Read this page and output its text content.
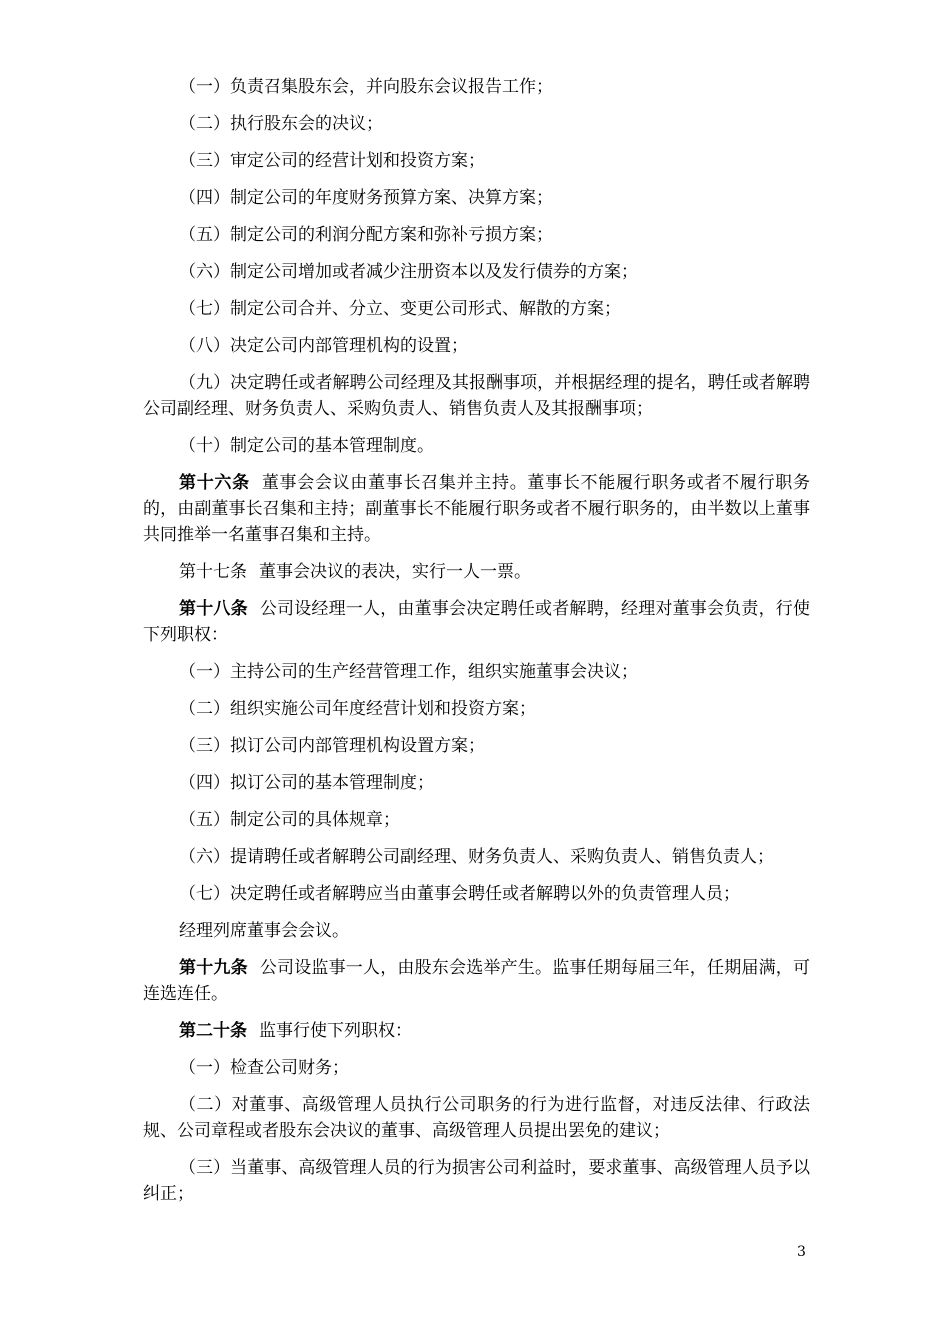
（一）负责召集股东会，并向股东会议报告工作；

（二）执行股东会的决议；

（三）审定公司的经营计划和投资方案；

（四）制定公司的年度财务预算方案、决算方案；

（五）制定公司的利润分配方案和弥补亏损方案；

（六）制定公司增加或者减少注册资本以及发行债券的方案；

（七）制定公司合并、分立、变更公司形式、解散的方案；

（八）决定公司内部管理机构的设置；

（九）决定聘任或者解聘公司经理及其报酬事项，并根据经理的提名，聘任或者解聘公司副经理、财务负责人、采购负责人、销售负责人及其报酬事项；

（十）制定公司的基本管理制度。

第十六条 董事会会议由董事长召集并主持。董事长不能履行职务或者不履行职务的，由副董事长召集和主持；副董事长不能履行职务或者不履行职务的，由半数以上董事共同推举一名董事召集和主持。

第十七条 董事会决议的表决，实行一人一票。

第十八条 公司设经理一人，由董事会决定聘任或者解聘，经理对董事会负责，行使下列职权：

（一）主持公司的生产经营管理工作，组织实施董事会决议；

（二）组织实施公司年度经营计划和投资方案；

（三）拟订公司内部管理机构设置方案；

（四）拟订公司的基本管理制度；

（五）制定公司的具体规章；

（六）提请聘任或者解聘公司副经理、财务负责人、采购负责人、销售负责人；

（七）决定聘任或者解聘应当由董事会聘任或者解聘以外的负责管理人员；

经理列席董事会会议。

第十九条 公司设监事一人，由股东会选举产生。监事任期每届三年，任期届满，可连选连任。

第二十条 监事行使下列职权：

（一）检查公司财务；

（二）对董事、高级管理人员执行公司职务的行为进行监督，对违反法律、行政法规、公司章程或者股东会决议的董事、高级管理人员提出罢免的建议；

（三）当董事、高级管理人员的行为损害公司利益时，要求董事、高级管理人员予以纠正；

3
